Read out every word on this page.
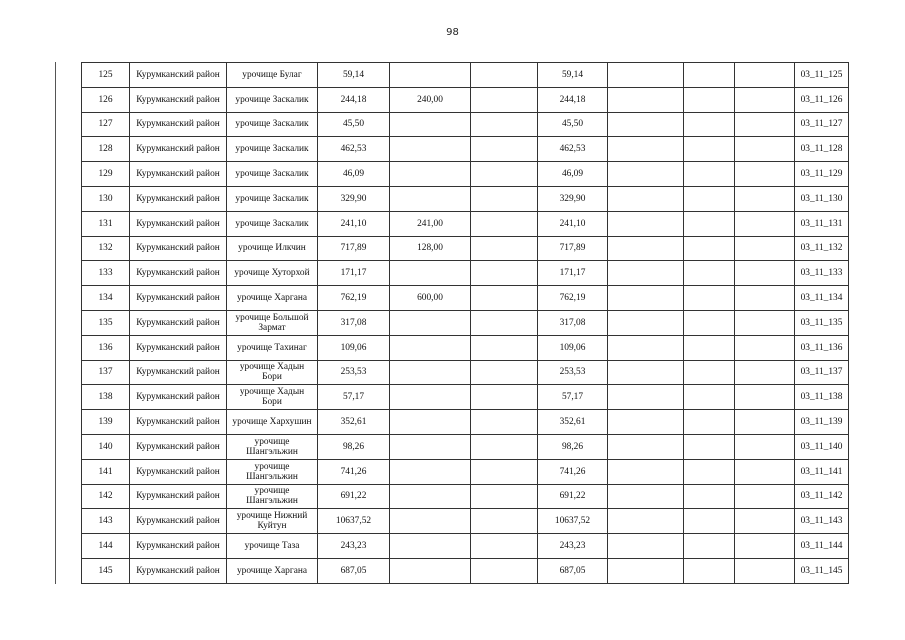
98
125	Курумканский район	урочище Булаг	59,14			59,14				03_11_125
126	Курумканский район	урочище Заскалик	244,18	240,00		244,18				03_11_126
127	Курумканский район	урочище Заскалик	45,50			45,50				03_11_127
128	Курумканский район	урочище Заскалик	462,53			462,53				03_11_128
129	Курумканский район	урочище Заскалик	46,09			46,09				03_11_129
130	Курумканский район	урочище Заскалик	329,90			329,90				03_11_130
131	Курумканский район	урочище Заскалик	241,10	241,00		241,10				03_11_131
132	Курумканский район	урочище Илкчин	717,89	128,00		717,89				03_11_132
133	Курумканский район	урочище Хуторхой	171,17			171,17				03_11_133
134	Курумканский район	урочище Харгана	762,19	600,00		762,19				03_11_134
135	Курумканский район	урочище Большой Зармат	317,08			317,08				03_11_135
136	Курумканский район	урочище Тахинаг	109,06			109,06				03_11_136
137	Курумканский район	урочище Хадын Бори	253,53			253,53				03_11_137
138	Курумканский район	урочище Хадын Бори	57,17			57,17				03_11_138
139	Курумканский район	урочище Хархушин	352,61			352,61				03_11_139
140	Курумканский район	урочище Шангэльжин	98,26			98,26				03_11_140
141	Курумканский район	урочище Шангэльжин	741,26			741,26				03_11_141
142	Курумканский район	урочище Шангэльжин	691,22			691,22				03_11_142
143	Курумканский район	урочище Нижний Куйтун	10637,52			10637,52				03_11_143
144	Курумканский район	урочище Таза	243,23			243,23				03_11_144
145	Курумканский район	урочище Харгана	687,05			687,05				03_11_145
